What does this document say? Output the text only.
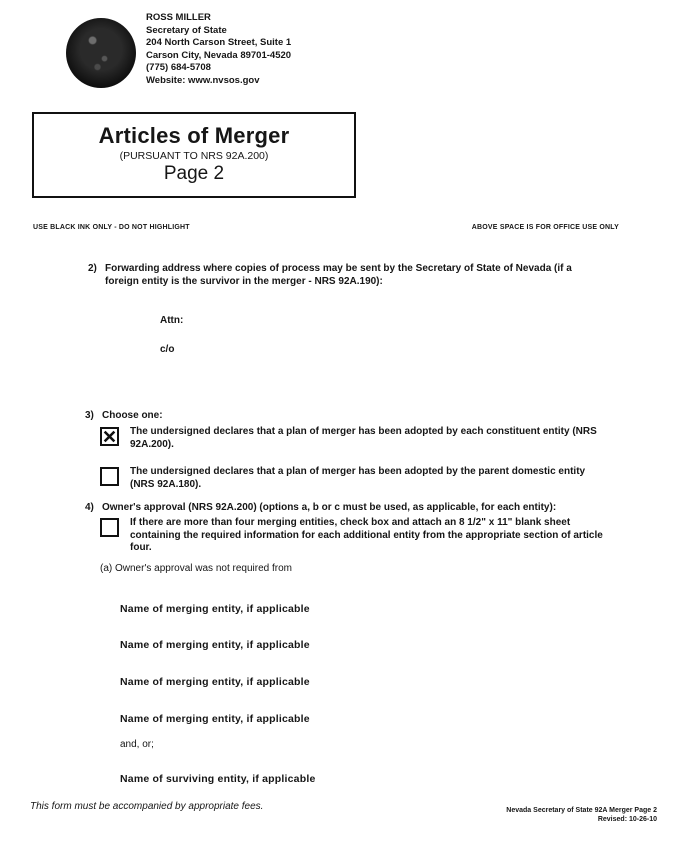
ROSS MILLER
Secretary of State
204 North Carson Street, Suite 1
Carson City, Nevada 89701-4520
(775) 684-5708
Website: www.nvsos.gov
Articles of Merger
(PURSUANT TO NRS 92A.200)
Page 2
USE BLACK INK ONLY - DO NOT HIGHLIGHT	ABOVE SPACE IS FOR OFFICE USE ONLY
2) Forwarding address where copies of process may be sent by the Secretary of State of Nevada (if a foreign entity is the survivor in the merger - NRS 92A.190):
Attn:
c/o
3) Choose one:
The undersigned declares that a plan of merger has been adopted by each constituent entity (NRS 92A.200).
The undersigned declares that a plan of merger has been adopted by the parent domestic entity (NRS 92A.180).
4) Owner's approval (NRS 92A.200) (options a, b or c must be used, as applicable, for each entity):
If there are more than four merging entities, check box and attach an 8 1/2" x 11" blank sheet containing the required information for each additional entity from the appropriate section of article four.
(a) Owner's approval was not required from
Name of merging entity, if applicable
Name of merging entity, if applicable
Name of merging entity, if applicable
Name of merging entity, if applicable
and, or;
Name of surviving entity, if applicable
This form must be accompanied by appropriate fees.	Nevada Secretary of State 92A Merger Page 2
Revised: 10-26-10
